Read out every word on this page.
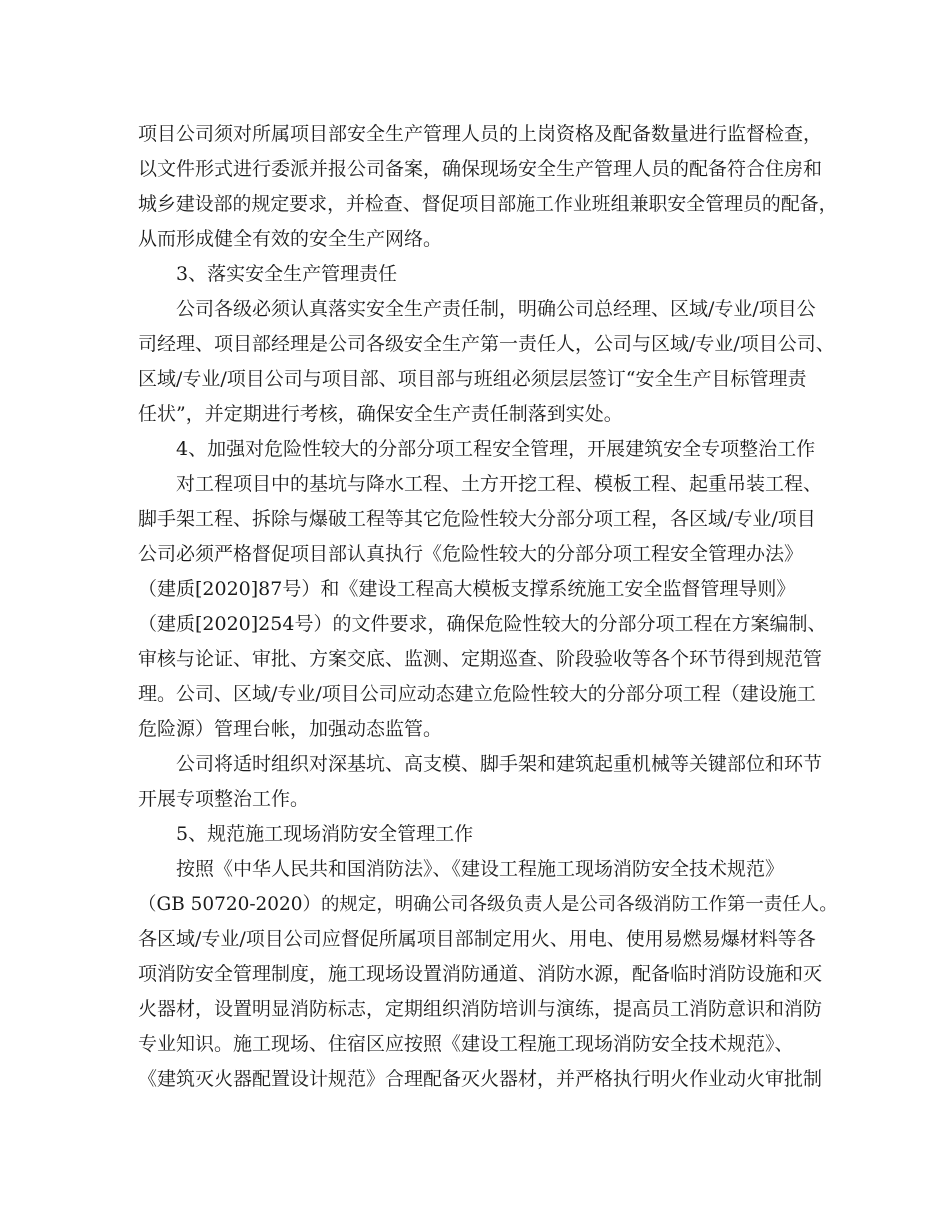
项目公司须对所属项目部安全生产管理人员的上岗资格及配备数量进行监督检查，
以文件形式进行委派并报公司备案，确保现场安全生产管理人员的配备符合住房和
城乡建设部的规定要求，并检查、督促项目部施工作业班组兼职安全管理员的配备，
从而形成健全有效的安全生产网络。
3、落实安全生产管理责任
公司各级必须认真落实安全生产责任制，明确公司总经理、区域/专业/项目公
司经理、项目部经理是公司各级安全生产第一责任人，公司与区域/专业/项目公司、
区域/专业/项目公司与项目部、项目部与班组必须层层签订“安全生产目标管理责
任状”，并定期进行考核，确保安全生产责任制落到实处。
4、加强对危险性较大的分部分项工程安全管理，开展建筑安全专项整治工作
对工程项目中的基坑与降水工程、土方开挖工程、模板工程、起重吊装工程、
脚手架工程、拆除与爆破工程等其它危险性较大分部分项工程，各区域/专业/项目
公司必须严格督促项目部认真执行《危险性较大的分部分项工程安全管理办法》
（建质[2020]87号）和《建设工程高大模板支撑系统施工安全监督管理导则》
（建质[2020]254号）的文件要求，确保危险性较大的分部分项工程在方案编制、
审核与论证、审批、方案交底、监测、定期巡查、阶段验收等各个环节得到规范管
理。公司、区域/专业/项目公司应动态建立危险性较大的分部分项工程（建设施工
危险源）管理台帐，加强动态监管。
公司将适时组织对深基坑、高支模、脚手架和建筑起重机械等关键部位和环节
开展专项整治工作。
5、规范施工现场消防安全管理工作
按照《中华人民共和国消防法》、《建设工程施工现场消防安全技术规范》
（GB 50720-2020）的规定，明确公司各级负责人是公司各级消防工作第一责任人。
各区域/专业/项目公司应督促所属项目部制定用火、用电、使用易燃易爆材料等各
项消防安全管理制度，施工现场设置消防通道、消防水源，配备临时消防设施和灭
火器材，设置明显消防标志，定期组织消防培训与演练，提高员工消防意识和消防
专业知识。施工现场、住宿区应按照《建设工程施工现场消防安全技术规范》、
《建筑灭火器配置设计规范》合理配备灭火器材，并严格执行明火作业动火审批制
